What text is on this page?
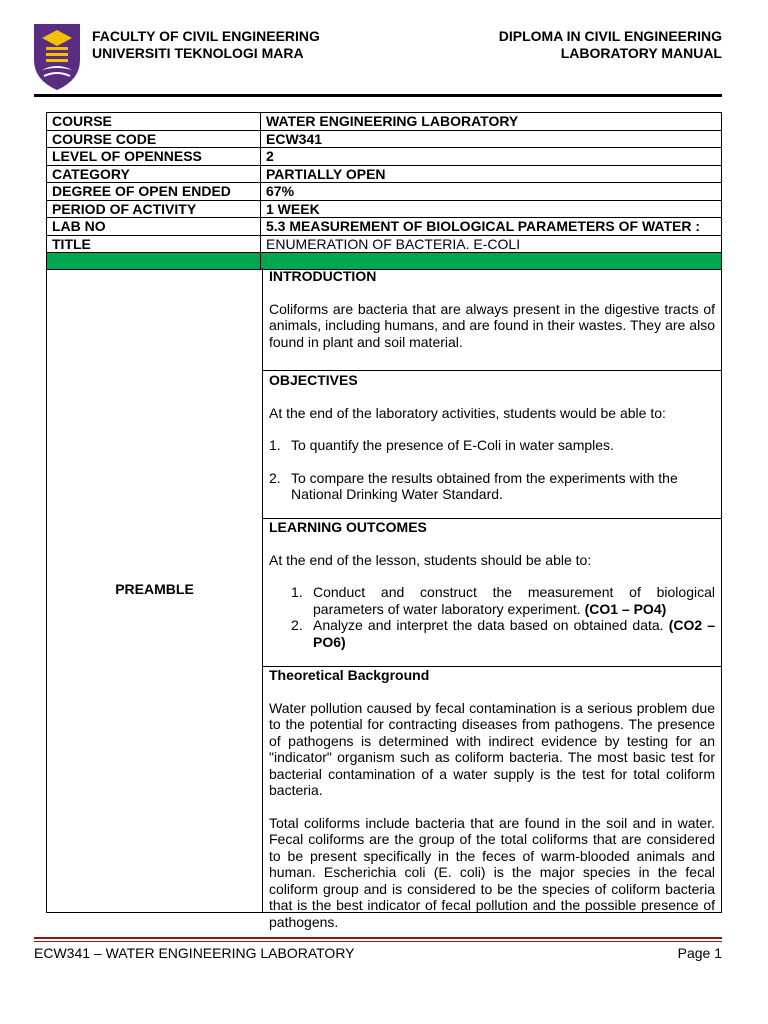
FACULTY OF CIVIL ENGINEERING
UNIVERSITI TEKNOLOGI MARA
DIPLOMA IN CIVIL ENGINEERING
LABORATORY MANUAL
COURSE	WATER ENGINEERING LABORATORY
COURSE CODE	ECW341
LEVEL OF OPENNESS	2
CATEGORY	PARTIALLY OPEN
DEGREE OF OPEN ENDED	67%
PERIOD OF ACTIVITY	1 WEEK
LAB NO	5.3 MEASUREMENT OF BIOLOGICAL PARAMETERS OF WATER :
TITLE	ENUMERATION OF BACTERIA. E-COLI

PREAMBLE
INTRODUCTION

Coliforms are bacteria that are always present in the digestive tracts of animals, including humans, and are found in their wastes. They are also found in plant and soil material.

OBJECTIVES

At the end of the laboratory activities, students would be able to:

1. To quantify the presence of E-Coli in water samples.
2. To compare the results obtained from the experiments with the National Drinking Water Standard.
LEARNING OUTCOMES

At the end of the lesson, students should be able to:

1. Conduct and construct the measurement of biological parameters of water laboratory experiment. (CO1 – PO4)
2. Analyze and interpret the data based on obtained data. (CO2 – PO6)
Theoretical Background

Water pollution caused by fecal contamination is a serious problem due to the potential for contracting diseases from pathogens. The presence of pathogens is determined with indirect evidence by testing for an "indicator" organism such as coliform bacteria. The most basic test for bacterial contamination of a water supply is the test for total coliform bacteria.

Total coliforms include bacteria that are found in the soil and in water. Fecal coliforms are the group of the total coliforms that are considered to be present specifically in the feces of warm-blooded animals and human. Escherichia coli (E. coli) is the major species in the fecal coliform group and is considered to be the species of coliform bacteria that is the best indicator of fecal pollution and the possible presence of pathogens.

ECW341 – WATER ENGINEERING LABORATORY	Page 1
